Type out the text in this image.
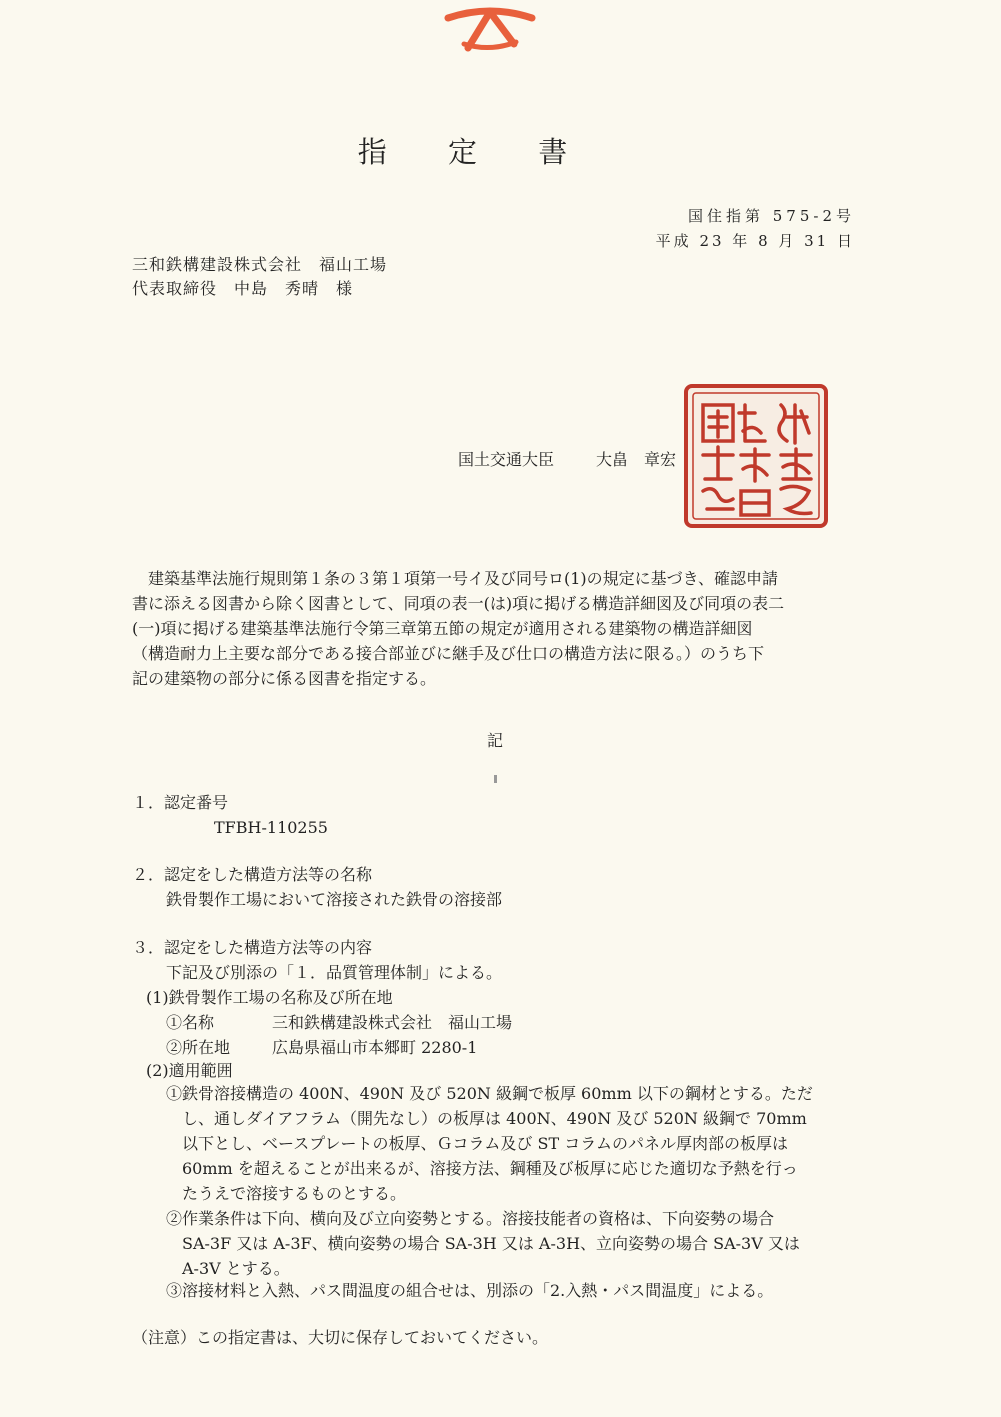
指 定 書
国住指第 575-2号
平成 23 年 8 月 31 日
三和鉄構建設株式会社　福山工場
代表取締役　中島　秀晴　様
国土交通大臣	大畠　章宏
建築基準法施行規則第１条の３第１項第一号イ及び同号ロ(1)の規定に基づき、確認申請
書に添える図書から除く図書として、同項の表一(は)項に掲げる構造詳細図及び同項の表二
(一)項に掲げる建築基準法施行令第三章第五節の規定が適用される建築物の構造詳細図
（構造耐力上主要な部分である接合部並びに継手及び仕口の構造方法に限る。）のうち下
記の建築物の部分に係る図書を指定する。
記
１．認定番号
TFBH-110255
２．認定をした構造方法等の名称
鉄骨製作工場において溶接された鉄骨の溶接部
３．認定をした構造方法等の内容
下記及び別添の「１．品質管理体制」による。
(1)鉄骨製作工場の名称及び所在地
①名称	三和鉄構建設株式会社　福山工場
②所在地	広島県福山市本郷町 2280-1
(2)適用範囲
①鉄骨溶接構造の 400N、490N 及び 520N 級鋼で板厚 60mm 以下の鋼材とする。ただ
し、通しダイアフラム（開先なし）の板厚は 400N、490N 及び 520N 級鋼で 70mm
以下とし、ベースプレートの板厚、Ｇコラム及び ST コラムのパネル厚肉部の板厚は
60mm を超えることが出来るが、溶接方法、鋼種及び板厚に応じた適切な予熱を行っ
たうえで溶接するものとする。
②作業条件は下向、横向及び立向姿勢とする。溶接技能者の資格は、下向姿勢の場合
SA-3F 又は A-3F、横向姿勢の場合 SA-3H 又は A-3H、立向姿勢の場合 SA-3V 又は
A-3V とする。
③溶接材料と入熱、パス間温度の組合せは、別添の「2.入熱・パス間温度」による。
（注意）この指定書は、大切に保存しておいてください。
